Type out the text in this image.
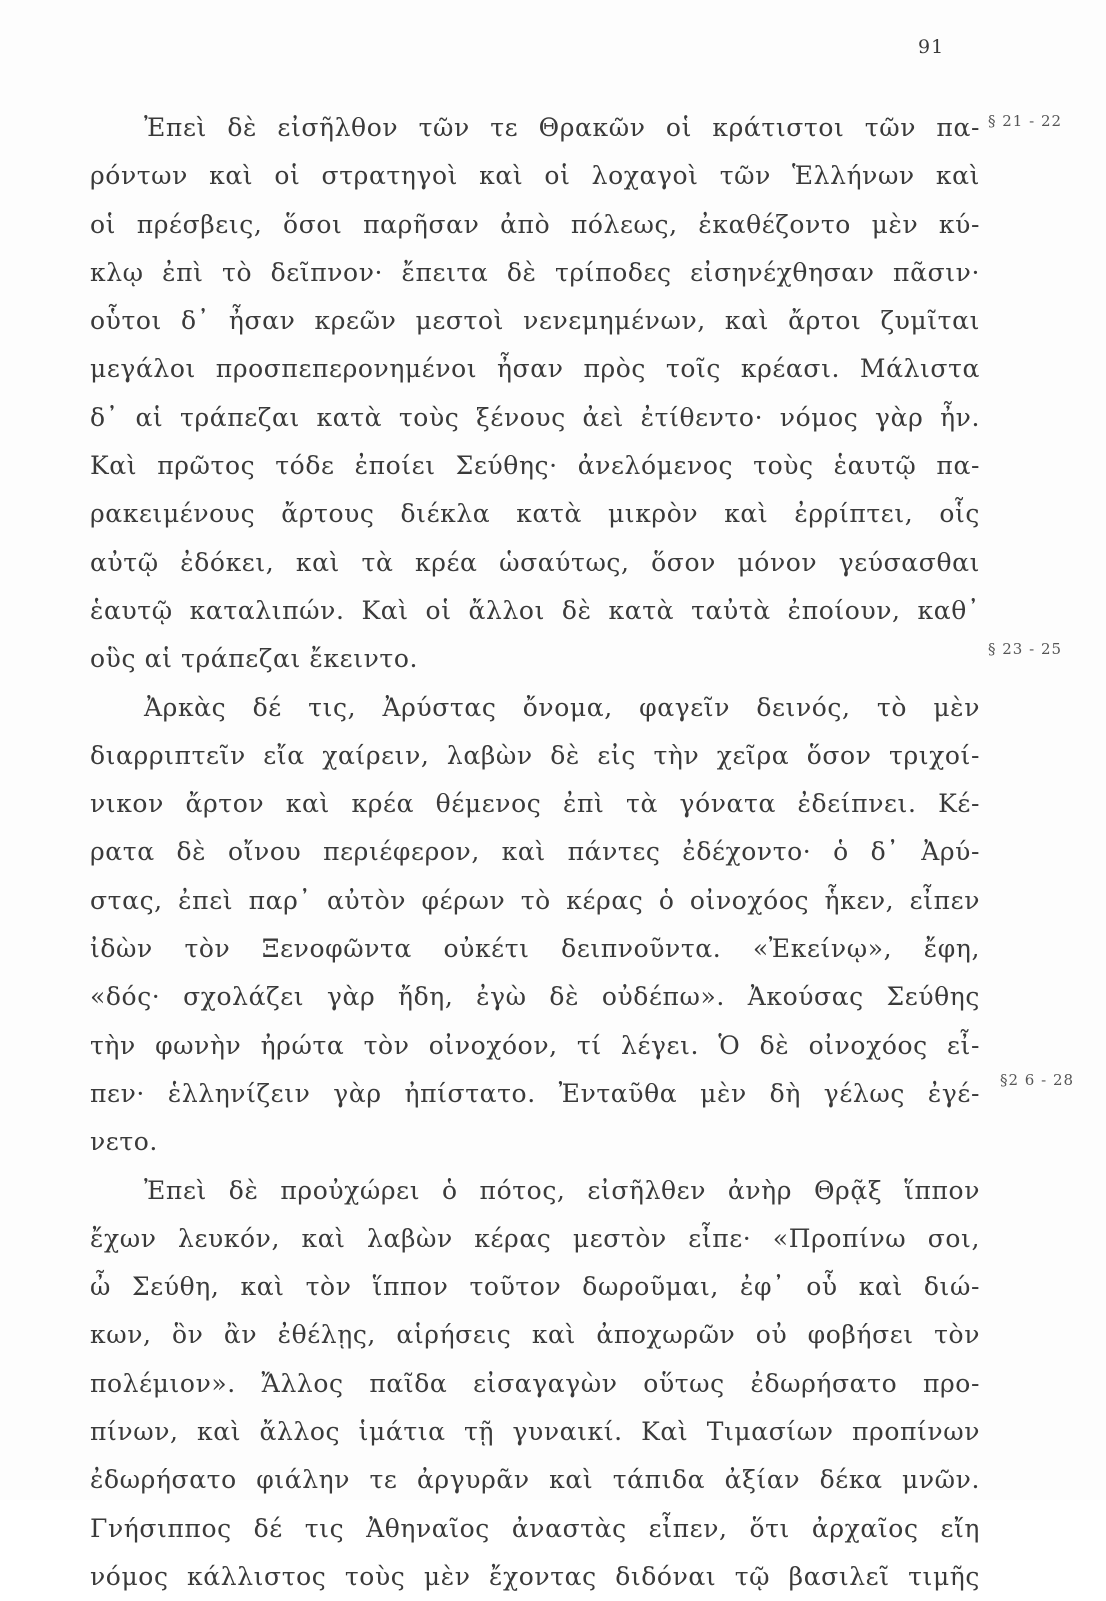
91
§ 21 - 22
§ 23 - 25
§2 6 - 28
Ἐπεὶ δὲ εἰσῆλθον τῶν τε Θρακῶν οἱ κράτιστοι τῶν πα-
ρόντων καὶ οἱ στρατηγοὶ καὶ οἱ λοχαγοὶ τῶν Ἑλλήνων καὶ
οἱ πρέσβεις, ὅσοι παρῆσαν ἀπὸ πόλεως, ἐκαθέζοντο μὲν κύ-
κλῳ ἐπὶ τὸ δεῖπνον· ἔπειτα δὲ τρίποδες εἰσηνέχθησαν πᾶσιν·
οὗτοι δ᾽ ἦσαν κρεῶν μεστοὶ νενεμημένων, καὶ ἄρτοι ζυμῖται
μεγάλοι προσπεπερονημένοι ἦσαν πρὸς τοῖς κρέασι. Μάλιστα
δ᾽ αἱ τράπεζαι κατὰ τοὺς ξένους ἀεὶ ἐτίθεντο· νόμος γὰρ ἦν.
Καὶ πρῶτος τόδε ἐποίει Σεύθης· ἀνελόμενος τοὺς ἑαυτῷ πα-
ρακειμένους ἄρτους διέκλα κατὰ μικρὸν καὶ ἐρρίπτει, οἷς
αὐτῷ ἐδόκει, καὶ τὰ κρέα ὡσαύτως, ὅσον μόνον γεύσασθαι
ἑαυτῷ καταλιπών. Καὶ οἱ ἄλλοι δὲ κατὰ ταὐτὰ ἐποίουν, καθ᾽
οὓς αἱ τράπεζαι ἔκειντο.
Ἀρκὰς δέ τις, Ἀρύστας ὄνομα, φαγεῖν δεινός, τὸ μὲν
διαρριπτεῖν εἴα χαίρειν, λαβὼν δὲ εἰς τὴν χεῖρα ὅσον τριχοί-
νικον ἄρτον καὶ κρέα θέμενος ἐπὶ τὰ γόνατα ἐδείπνει. Κέ-
ρατα δὲ οἴνου περιέφερον, καὶ πάντες ἐδέχοντο· ὁ δ᾽ Ἀρύ-
στας, ἐπεὶ παρ᾽ αὐτὸν φέρων τὸ κέρας ὁ οἰνοχόος ἧκεν, εἶπεν
ἰδὼν τὸν Ξενοφῶντα οὐκέτι δειπνοῦντα. «Ἐκείνῳ», ἔφη,
«δός· σχολάζει γὰρ ἤδη, ἐγὼ δὲ οὐδέπω». Ἀκούσας Σεύθης
τὴν φωνὴν ἠρώτα τὸν οἰνοχόον, τί λέγει. Ὁ δὲ οἰνοχόος εἶ-
πεν· ἑλληνίζειν γὰρ ἠπίστατο. Ἐνταῦθα μὲν δὴ γέλως ἐγέ-
νετο.
Ἐπεὶ δὲ προὐχώρει ὁ πότος, εἰσῆλθεν ἀνὴρ Θρᾷξ ἵππον
ἔχων λευκόν, καὶ λαβὼν κέρας μεστὸν εἶπε· «Προπίνω σοι,
ὦ Σεύθη, καὶ τὸν ἵππον τοῦτον δωροῦμαι, ἐφ᾽ οὗ καὶ διώ-
κων, ὃν ἂν ἐθέλῃς, αἱρήσεις καὶ ἀποχωρῶν οὐ φοβήσει τὸν
πολέμιον». Ἄλλος παῖδα εἰσαγαγὼν οὕτως ἐδωρήσατο προ-
πίνων, καὶ ἄλλος ἱμάτια τῇ γυναικί. Καὶ Τιμασίων προπίνων
ἐδωρήσατο φιάλην τε ἀργυρᾶν καὶ τάπιδα ἀξίαν δέκα μνῶν.
Γνήσιππος δέ τις Ἀθηναῖος ἀναστὰς εἶπεν, ὅτι ἀρχαῖος εἴη
νόμος κάλλιστος τοὺς μὲν ἔχοντας διδόναι τῷ βασιλεῖ τιμῆς
